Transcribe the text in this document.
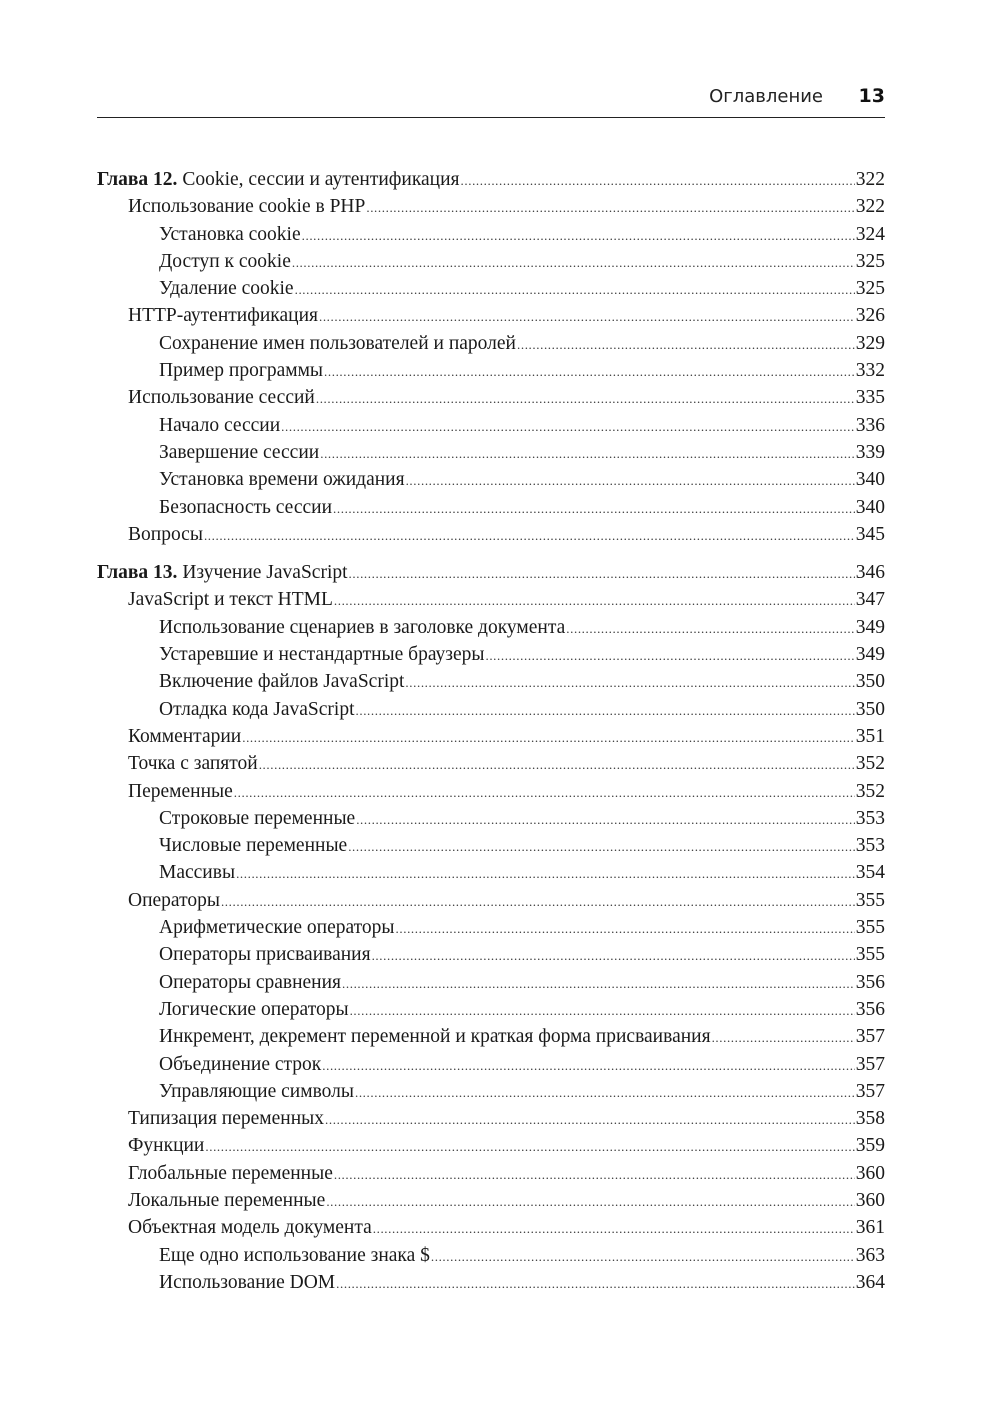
Оглавление 13
Глава 12. Cookie, сессии и аутентификация .....	322
Использование cookie в PHP .....	322
Установка cookie .....	324
Доступ к cookie .....	325
Удаление cookie .....	325
HTTP-аутентификация .....	326
Сохранение имен пользователей и паролей .....	329
Пример программы .....	332
Использование сессий .....	335
Начало сессии .....	336
Завершение сессии .....	339
Установка времени ожидания .....	340
Безопасность сессии .....	340
Вопросы .....	345
Глава 13. Изучение JavaScript .....	346
JavaScript и текст HTML .....	347
Использование сценариев в заголовке документа .....	349
Устаревшие и нестандартные браузеры .....	349
Включение файлов JavaScript .....	350
Отладка кода JavaScript .....	350
Комментарии .....	351
Точка с запятой .....	352
Переменные .....	352
Строковые переменные .....	353
Числовые переменные .....	353
Массивы .....	354
Операторы .....	355
Арифметические операторы .....	355
Операторы присваивания .....	355
Операторы сравнения .....	356
Логические операторы .....	356
Инкремент, декремент переменной и краткая форма присваивания .....	357
Объединение строк .....	357
Управляющие символы .....	357
Типизация переменных .....	358
Функции .....	359
Глобальные переменные .....	360
Локальные переменные .....	360
Объектная модель документа .....	361
Еще одно использование знака $ .....	363
Использование DOM .....	364
